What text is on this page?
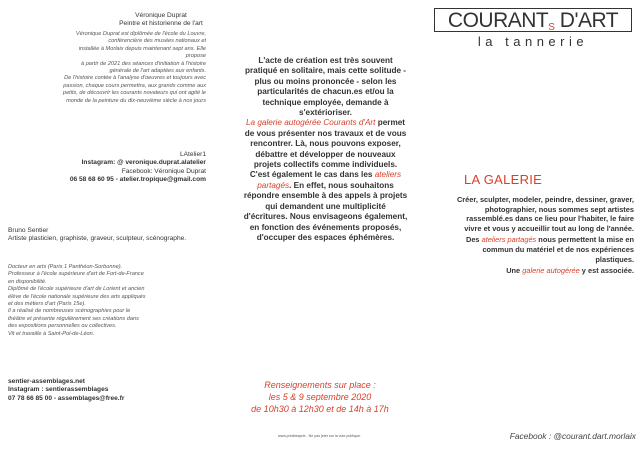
Véronique Duprat
Peintre et historienne de l'art
Véronique Duprat est diplômée de l'école du Louvre,
conférencière des musées nationaux et
installée à Morlaix depuis maintenant sept ans. Elle
propose
à partir de 2021 des séances d'initiation à l'histoire
générale de l'art adaptées aux enfants.
De l'histoire contée à l'analyse d'oeuvres et toujours avec
passion, chaque cours permettra, aux grands comme aux
petits, de découvrir les courants novateurs qui ont agité le
monde de la peinture du dix-neuvième siècle à nos jours
LAtelier1
Instagram: @ veronique.duprat.alatelier
Facebook: Véronique Duprat
06 58 68 60 95 - atelier.tropique@gmail.com
Bruno Sentier
Artiste plasticien, graphiste, graveur, sculpteur, scénographe.
Docteur en arts (Paris 1 Panthéon-Sorbonne).
Professeur à l'école supérieure d'art de Fort-de-France
en disponibilité.
Diplômé de l'école supérieure d'art de Lorient et ancien
élève de l'école nationale supérieure des arts appliqués
et des métiers d'art (Paris 15e).
Il a réalisé de nombreuses scénographies pour le
théâtre et présente régulièrement ses créations dans
des expositions personnelles ou collectives.
Vit et travaille à Saint-Pol-de-Léon.
sentier-assemblages.net
Instagram : sentierassemblages
07 78 66 85 00 - assemblages@free.fr

L'acte de création est très souvent pratiqué en solitaire, mais cette solitude - plus ou moins prononcée - selon les particularités de chacun.es et/ou la technique employée, demande à s'extérioriser.

La galerie autogérée Courants d'Art permet de vous présenter nos travaux et de vous rencontrer. Là, nous pouvons exposer, débattre et développer de nouveaux projets collectifs comme individuels.

C'est également le cas dans les ateliers partagés. En effet, nous souhaitons répondre ensemble à des appels à projets qui demandent une multiplicité d'écritures. Nous envisageons également, en fonction des événements proposés, d'occuper des espaces éphémères.

Renseignements sur place :
les 5 & 9 septembre 2020
de 10h30 à 12h30 et de 14h à 17h
www.printbeaprix - Ne pas jeter sur la voie publique.
COURANTS D'ART
la tannerie
LA GALERIE

Créer, sculpter, modeler, peindre, dessiner, graver, photographier, nous sommes sept artistes rassemblé.es dans ce lieu pour l'habiter, le faire vivre et vous y accueillir tout au long de l'année.

Des ateliers partagés nous permettent la mise en commun du matériel et de nos expériences plastiques.

Une galerie autogérée y est associée.

Facebook : @courant.dart.morlaix
